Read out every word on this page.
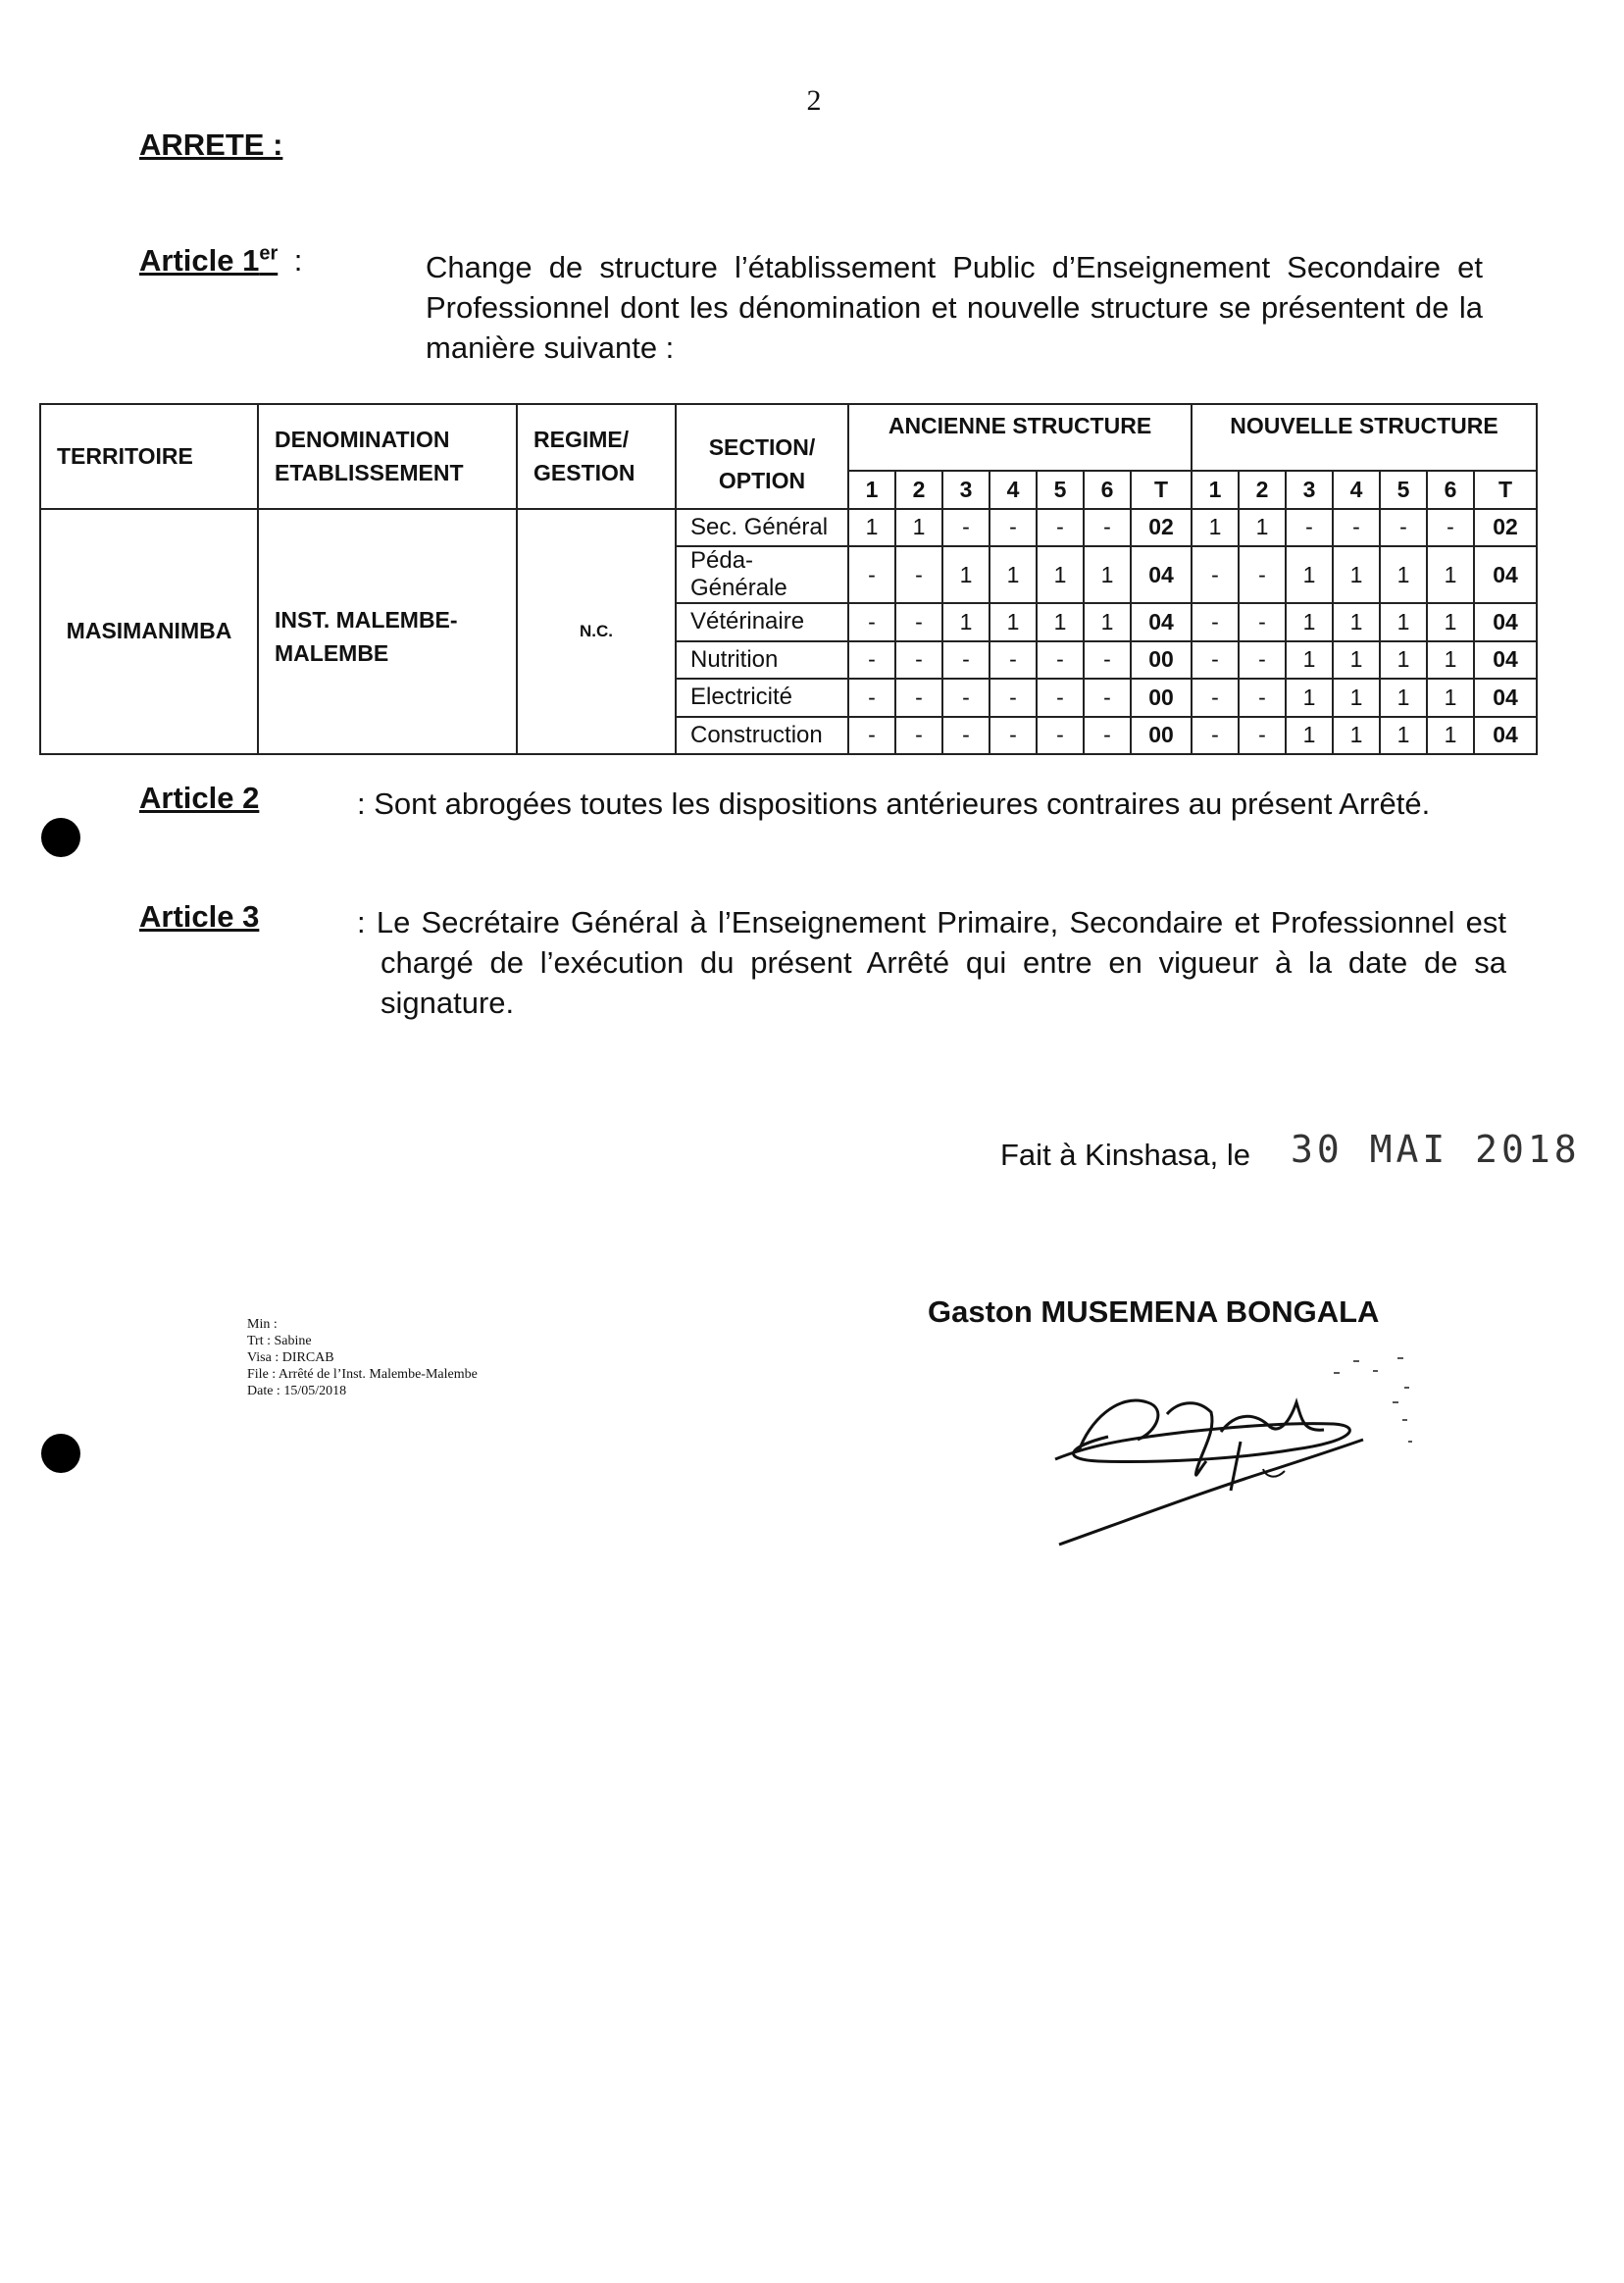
2
ARRETE :
Article 1er :	Change de structure l’établissement Public d’Enseignement Secondaire et Professionnel dont les dénomination et nouvelle structure se présentent de la manière suivante :
TERRITOIRE	DENOMINATION ETABLISSEMENT	REGIME/ GESTION	SECTION/ OPTION	ANCIENNE STRUCTURE							NOUVELLE STRUCTURE						
				1	2	3	4	5	6	T	1	2	3	4	5	6	T
MASIMANIMBA	INST. MALEMBE-MALEMBE	N.C.	Sec. Général	1	1	-	-	-	-	02	1	1	-	-	-	-	02
			Péda-Générale	-	-	1	1	1	1	04	-	-	1	1	1	1	04
			Vétérinaire	-	-	1	1	1	1	04	-	-	1	1	1	1	04
			Nutrition	-	-	-	-	-	-	00	-	-	1	1	1	1	04
			Electricité	-	-	-	-	-	-	00	-	-	1	1	1	1	04
			Construction	-	-	-	-	-	-	00	-	-	1	1	1	1	04
Article 2	: Sont abrogées toutes les dispositions antérieures contraires au présent Arrêté.
Article 3	: Le Secrétaire Général à l’Enseignement Primaire, Secondaire et Professionnel est chargé de l’exécution du présent Arrêté qui entre en vigueur à la date de sa signature.
Fait à Kinshasa, le 30 MAI 2018
Gaston MUSEMENA BONGALA
Min :
Trt : Sabine
Visa : DIRCAB
File : Arrêté de l’Inst. Malembe-Malembe
Date : 15/05/2018
